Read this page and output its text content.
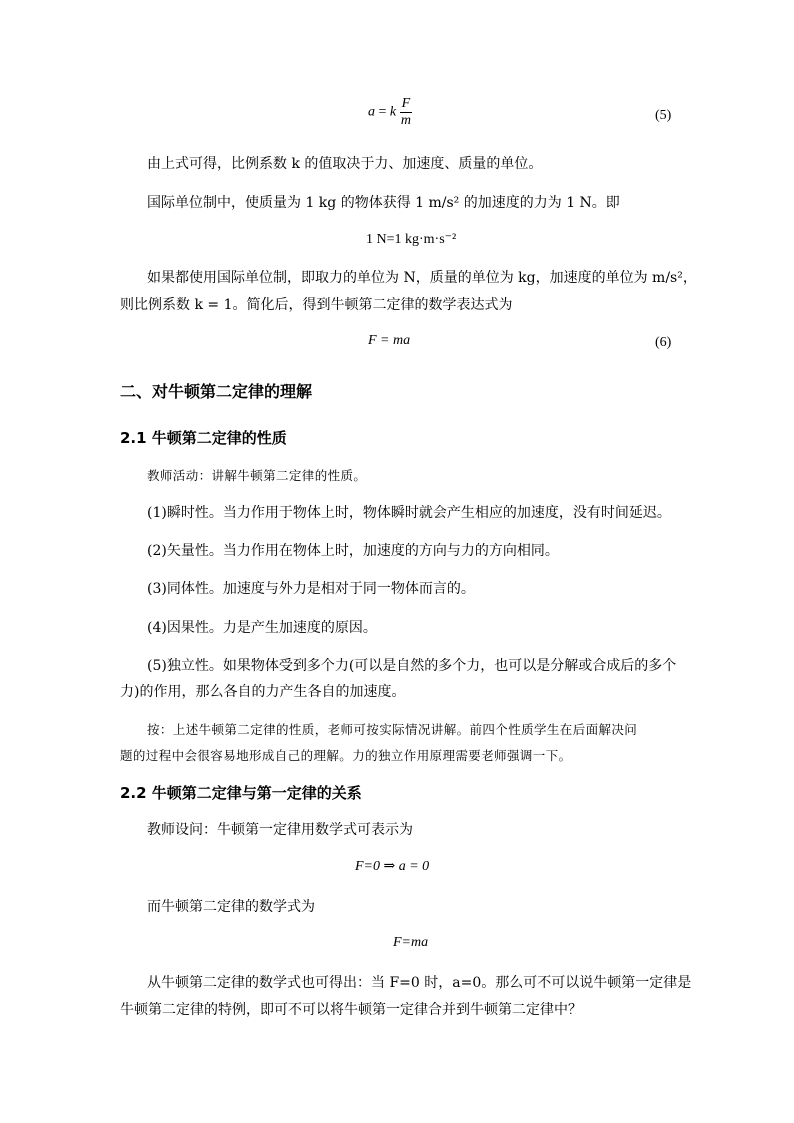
a = k $\frac{F}{m}$	(5)
由上式可得，比例系数 k 的值取决于力、加速度、质量的单位。
国际单位制中，使质量为 1 kg 的物体获得 1 m/s² 的加速度的力为 1 N。即
1 N=1 kg·m·s⁻²
如果都使用国际单位制，即取力的单位为 N，质量的单位为 kg，加速度的单位为 m/s²，
则比例系数 k = 1。简化后，得到牛顿第二定律的数学表达式为
F = ma	(6)
二、对牛顿第二定律的理解
2.1 牛顿第二定律的性质
教师活动：讲解牛顿第二定律的性质。
(1)瞬时性。当力作用于物体上时，物体瞬时就会产生相应的加速度，没有时间延迟。
(2)矢量性。当力作用在物体上时，加速度的方向与力的方向相同。
(3)同体性。加速度与外力是相对于同一物体而言的。
(4)因果性。力是产生加速度的原因。
(5)独立性。如果物体受到多个力(可以是自然的多个力，也可以是分解或合成后的多个
力)的作用，那么各自的力产生各自的加速度。
按：上述牛顿第二定律的性质，老师可按实际情况讲解。前四个性质学生在后面解决问
题的过程中会很容易地形成自己的理解。力的独立作用原理需要老师强调一下。
2.2 牛顿第二定律与第一定律的关系
教师设问：牛顿第一定律用数学式可表示为
F=0 ⇒ a = 0
而牛顿第二定律的数学式为
F=ma
从牛顿第二定律的数学式也可得出：当 F=0 时，a=0。那么可不可以说牛顿第一定律是
牛顿第二定律的特例，即可不可以将牛顿第一定律合并到牛顿第二定律中？
